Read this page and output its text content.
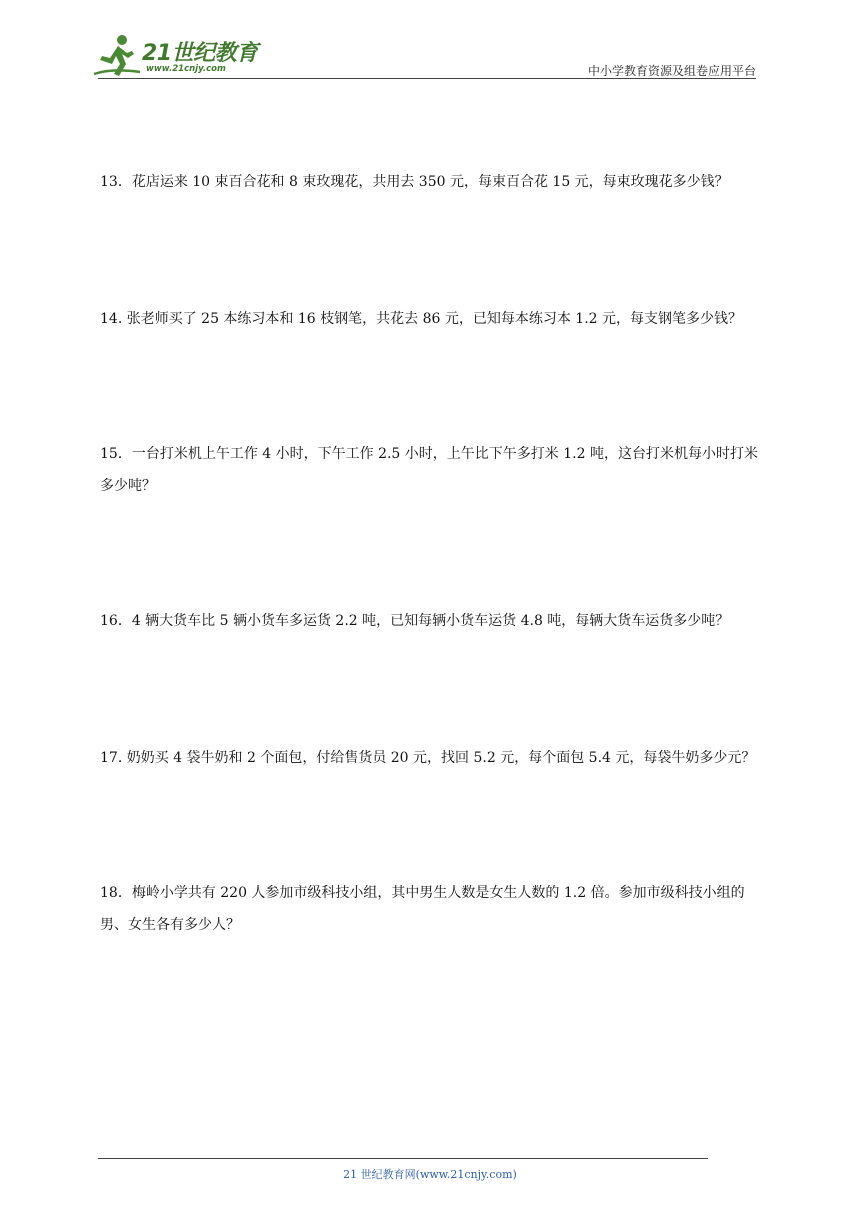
21世纪教育
www.21cnjy.com	中小学教育资源及组卷应用平台

13．花店运来 10 束百合花和 8 束玫瑰花，共用去 350 元，每束百合花 15 元，每束玫瑰花多少钱？

14. 张老师买了 25 本练习本和 16 枝钢笔，共花去 86 元，已知每本练习本 1.2 元，每支钢笔多少钱？

15．一台打米机上午工作 4 小时，下午工作 2.5 小时，上午比下午多打米 1.2 吨，这台打米机每小时打米多少吨？

16．4 辆大货车比 5 辆小货车多运货 2.2 吨，已知每辆小货车运货 4.8 吨，每辆大货车运货多少吨？

17. 奶奶买 4 袋牛奶和 2 个面包，付给售货员 20 元，找回 5.2 元，每个面包 5.4 元，每袋牛奶多少元？

18．梅岭小学共有 220 人参加市级科技小组，其中男生人数是女生人数的 1.2 倍。参加市级科技小组的男、女生各有多少人？

21 世纪教育网(www.21cnjy.com)
